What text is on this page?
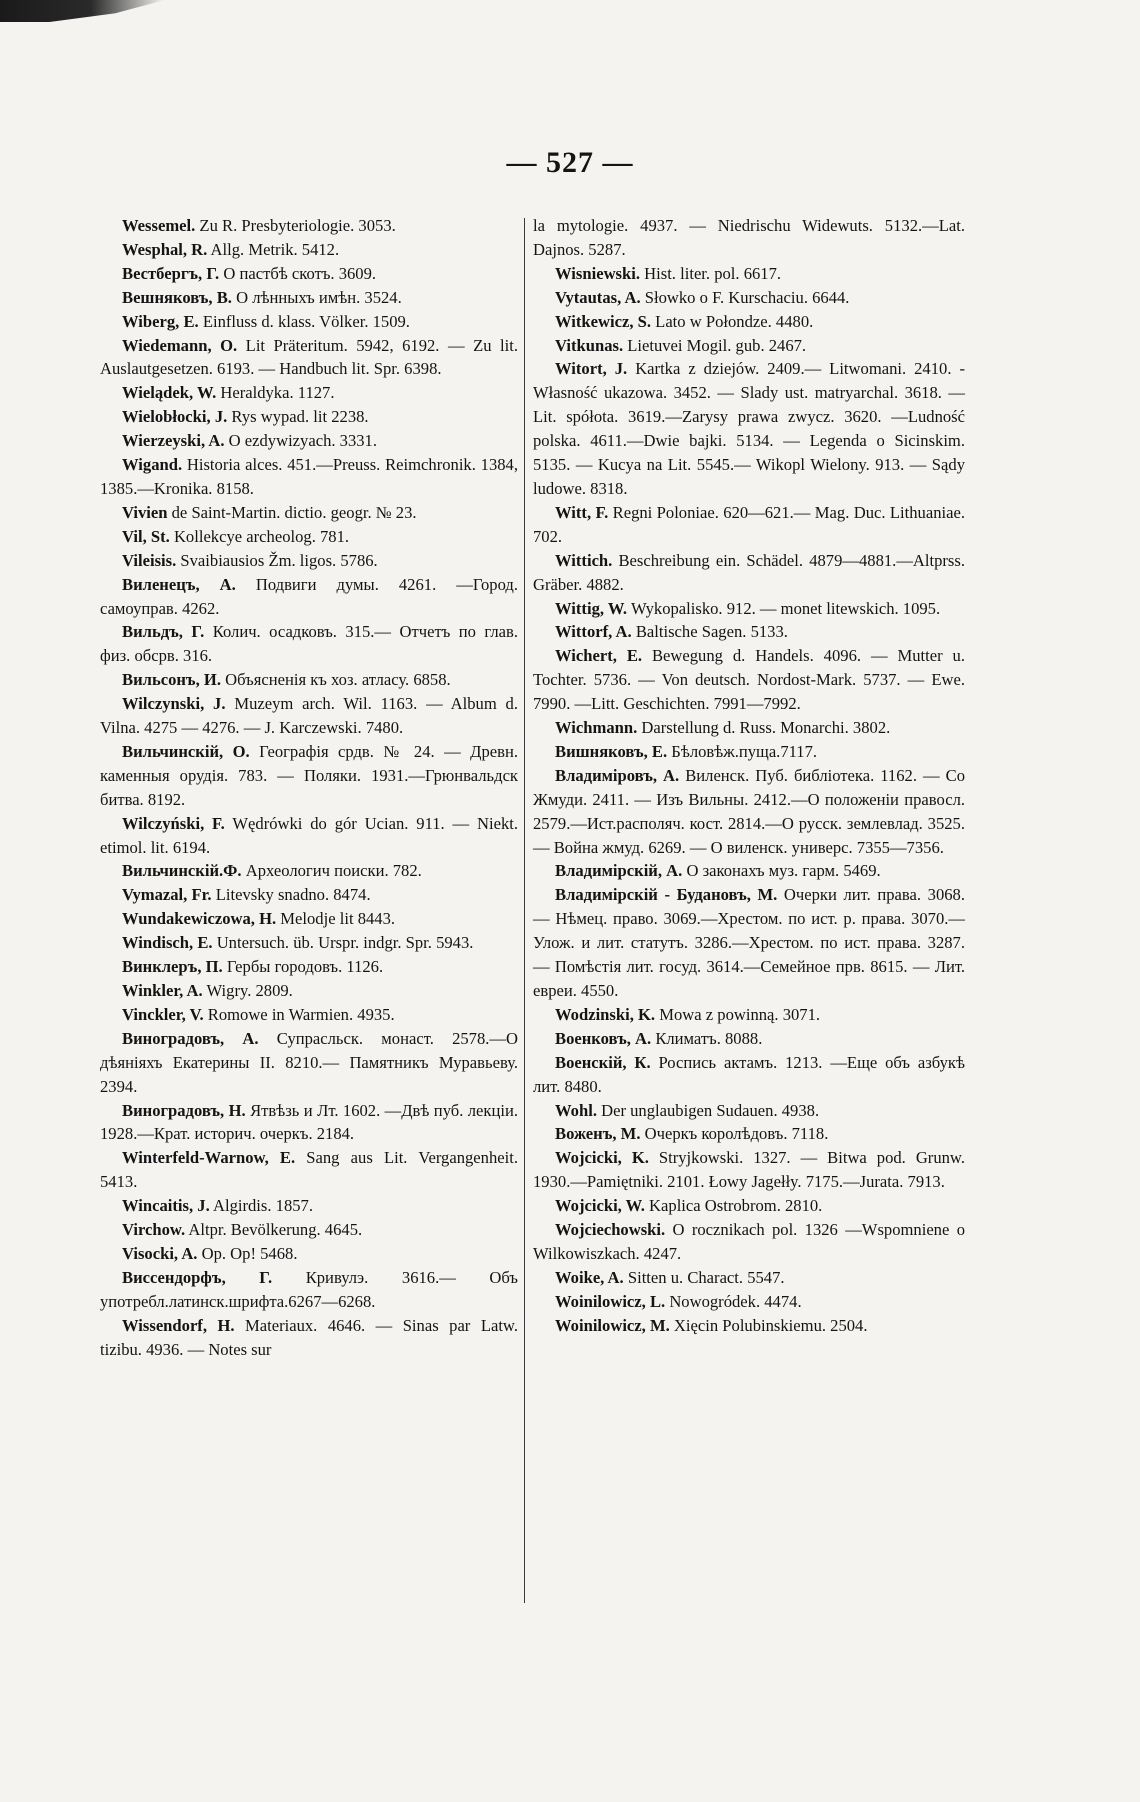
— 527 —

Wessemel. Zu R. Presbyteriologie. 3053.

Wesphal, R. Allg. Metrik. 5412.

Вестбергъ, Г. О пастбѣ скотъ. 3609.

Вешняковъ, В. О лѣнныхъ имѣн. 3524.

Wiberg, E. Einfluss d. klass. Völker. 1509.

Wiedemann, O. Lit Präteritum. 5942, 6192. — Zu lit. Auslautgesetzen. 6193. — Handbuch lit. Spr. 6398.

Wielądek, W. Heraldyka. 1127.

Wielobłocki, J. Rys wypad. lit 2238.

Wierzeyski, A. O ezdywizyach. 3331.

Wigand. Historia alces. 451.—Preuss. Reimchronik. 1384, 1385.—Kronika. 8158.

Vivien de Saint-Martin. dictio. geogr. № 23.

Vil, St. Kollekcye archeolog. 781.

Vileisis. Svaibiausios Žm. ligos. 5786.

Виленецъ, А. Подвиги думы. 4261. —Город. самоуправ. 4262.

Вильдъ, Г. Колич. осадковъ. 315.— Отчетъ по глав. физ. обсрв. 316.

Вильсонъ, И. Объясненія къ хоз. атласу. 6858.

Wilczynski, J. Muzeym arch. Wil. 1163. — Album d. Vilna. 4275 — 4276. — J. Karczewski. 7480.

Вильчинскій, О. Географія срдв. № 24. — Древн. каменныя орудія. 783. — Поляки. 1931.—Грюнвальдск битва. 8192.

Wilczyński, F. Wędrówki do gór Ucian. 911. — Niekt. etimol. lit. 6194.

Вильчинскій.Ф. Археологич поиски. 782.

Vymazal, Fr. Litevsky snadno. 8474.

Wundakewiczowa, H. Melodje lit 8443.

Windisch, E. Untersuch. üb. Urspr. indgr. Spr. 5943.

Винклеръ, П. Гербы городовъ. 1126.

Winkler, A. Wigry. 2809.

Vinckler, V. Romowe in Warmien. 4935.

Виноградовъ, А. Супрасльск. монаст. 2578.—О дѣяніяхъ Екатерины II. 8210.— Памятникъ Муравьеву. 2394.

Виноградовъ, Н. Ятвѣзь и Лт. 1602. —Двѣ пуб. лекціи. 1928.—Крат. историч. очеркъ. 2184.

Winterfeld-Warnow, E. Sang aus Lit. Vergangenheit. 5413.

Wincaitis, J. Algirdis. 1857.

Virchow. Altpr. Bevölkerung. 4645.

Visocki, A. Op. Op! 5468.

Виссендорфъ, Г. Кривулэ. 3616.— Объ употребл.латинск.шрифта.6267—6268.

Wissendorf, H. Materiaux. 4646. — Sinas par Latw. tizibu. 4936. — Notes sur

la mytologie. 4937. — Niedrischu Widewuts. 5132.—Lat. Dajnos. 5287.

Wisniewski. Hist. liter. pol. 6617.

Vytautas, A. Słowko o F. Kurschaciu. 6644.

Witkewicz, S. Lato w Połondze. 4480.

Vitkunas. Lietuvei Mogil. gub. 2467.

Witort, J. Kartka z dziejów. 2409.— Litwomani. 2410. - Własność ukazowa. 3452. — Slady ust. matryarchal. 3618. — Lit. spółota. 3619.—Zarysy prawa zwycz. 3620. —Ludność polska. 4611.—Dwie bajki. 5134. — Legenda o Sicinskim. 5135. — Kucya na Lit. 5545.— Wikopl Wielony. 913. — Sądy ludowe. 8318.

Witt, F. Regni Poloniae. 620—621.— Mag. Duc. Lithuaniae. 702.

Wittich. Beschreibung ein. Schädel. 4879—4881.—Altprss. Gräber. 4882.

Wittig, W. Wykopalisko. 912. — monet litewskich. 1095.

Wittorf, A. Baltische Sagen. 5133.

Wichert, E. Bewegung d. Handels. 4096. — Mutter u. Tochter. 5736. — Von deutsch. Nordost-Mark. 5737. — Ewe. 7990. —Litt. Geschichten. 7991—7992.

Wichmann. Darstellung d. Russ. Monarchi. 3802.

Вишняковъ, Е. Бѣловѣж.пуща.7117.

Владиміровъ, А. Виленск. Пуб. библіотека. 1162. — Со Жмуди. 2411. — Изъ Вильны. 2412.—О положеніи правосл. 2579.—Ист.располяч. кост. 2814.—О русск. землевлад. 3525. — Война жмуд. 6269. — О виленск. универс. 7355—7356.

Владимірскій, А. О законахъ муз. гарм. 5469.

Владимірскій - Будановъ, М. Очерки лит. права. 3068. — Нѣмец. право. 3069.—Хрестом. по ист. р. права. 3070.— Улож. и лит. статутъ. 3286.—Хрестом. по ист. права. 3287. — Помѣстія лит. госуд. 3614.—Семейное прв. 8615. — Лит. евреи. 4550.

Wodzinski, K. Mowa z powinną. 3071.

Военковъ, А. Климатъ. 8088.

Военскій, К. Роспись актамъ. 1213. —Еще объ азбукѣ лит. 8480.

Wohl. Der unglaubigen Sudauen. 4938.

Воженъ, М. Очеркъ королѣдовъ. 7118.

Wojcicki, K. Stryjkowski. 1327. — Bitwa pod. Grunw. 1930.—Pamiętniki. 2101. Łowy Jagełły. 7175.—Jurata. 7913.

Wojcicki, W. Kaplica Ostrobrom. 2810.

Wojciechowski. O rocznikach pol. 1326 —Wspomniene o Wilkowiszkach. 4247.

Woike, A. Sitten u. Charact. 5547.

Woinilowicz, L. Nowogródek. 4474.

Woinilowicz, M. Xięcin Polubinskiemu. 2504.
